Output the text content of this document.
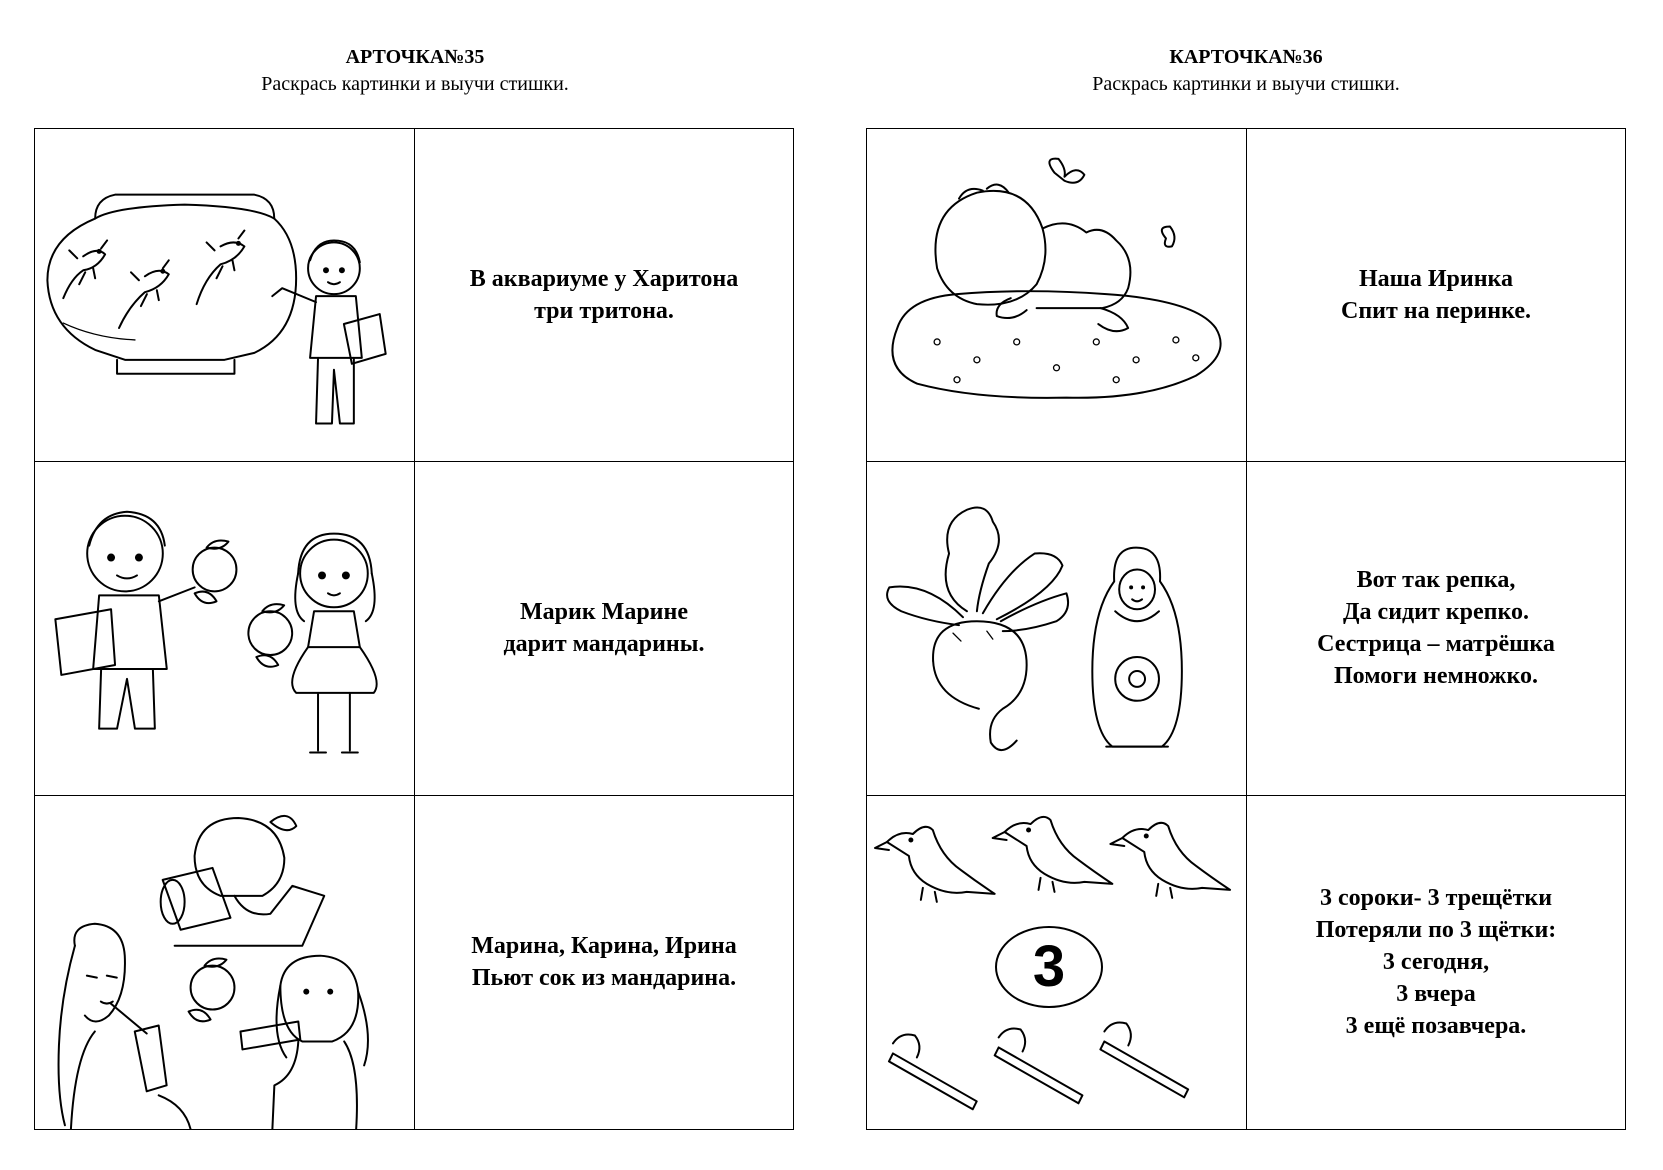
АРТОЧКА№35
Раскрась картинки и выучи стишки.
В аквариуме у Харитона
три тритона.
Марик Марине
дарит мандарины.
Марина, Карина, Ирина
Пьют сок из мандарина.
КАРТОЧКА№36
Раскрась картинки и выучи стишки.
Наша Иринка
Спит на перинке.
Вот так репка,
Да сидит крепко.
Сестрица – матрёшка
Помоги немножко.
3
3 сороки- 3 трещётки
Потеряли по 3 щётки:
3 сегодня,
3 вчера
3 ещё позавчера.
